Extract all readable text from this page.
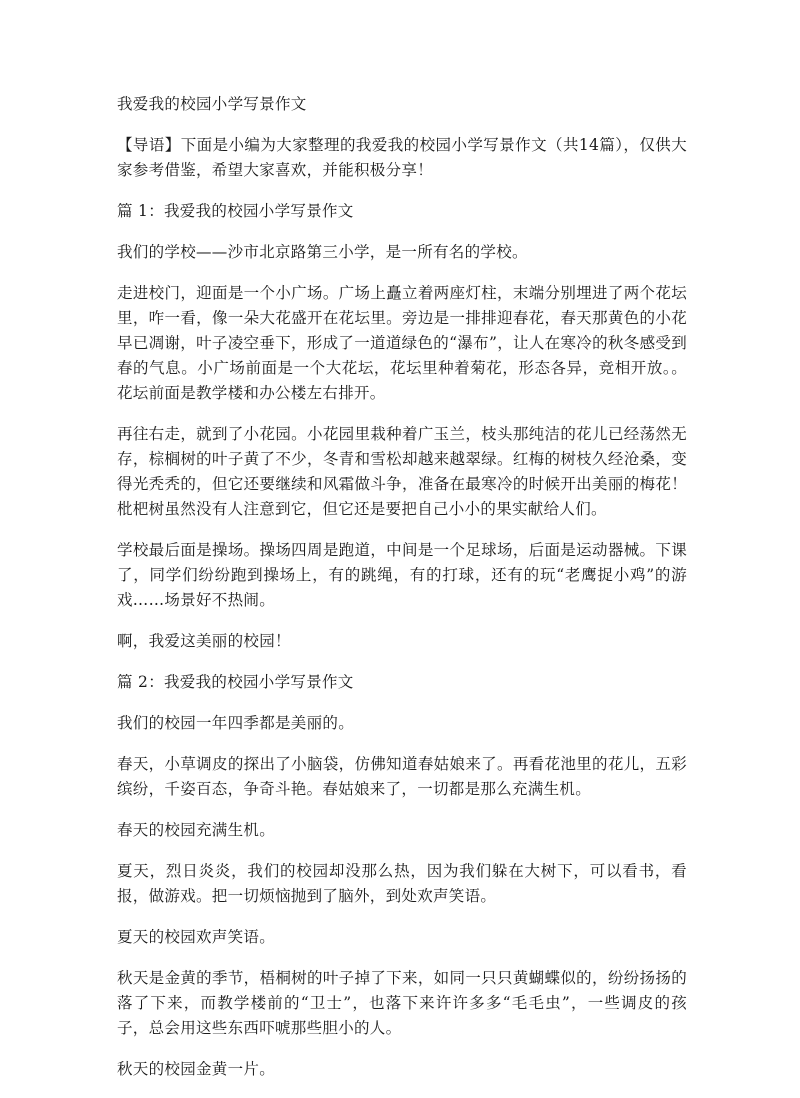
我爱我的校园小学写景作文

【导语】下面是小编为大家整理的我爱我的校园小学写景作文（共14篇），仅供大家参考借鉴，希望大家喜欢，并能积极分享！

篇 1：我爱我的校园小学写景作文

我们的学校——沙市北京路第三小学，是一所有名的学校。

走进校门，迎面是一个小广场。广场上矗立着两座灯柱，末端分别埋进了两个花坛里，咋一看，像一朵大花盛开在花坛里。旁边是一排排迎春花，春天那黄色的小花早已凋谢，叶子凌空垂下，形成了一道道绿色的“瀑布”，让人在寒冷的秋冬感受到春的气息。小广场前面是一个大花坛，花坛里种着菊花，形态各异，竞相开放。。花坛前面是教学楼和办公楼左右排开。

再往右走，就到了小花园。小花园里栽种着广玉兰，枝头那纯洁的花儿已经荡然无存，棕榈树的叶子黄了不少，冬青和雪松却越来越翠绿。红梅的树枝久经沧桑，变得光秃秃的，但它还要继续和风霜做斗争，准备在最寒冷的时候开出美丽的梅花！枇杷树虽然没有人注意到它，但它还是要把自己小小的果实献给人们。

学校最后面是操场。操场四周是跑道，中间是一个足球场，后面是运动器械。下课了，同学们纷纷跑到操场上，有的跳绳，有的打球，还有的玩“老鹰捉小鸡”的游戏……场景好不热闹。

啊，我爱这美丽的校园！

篇 2：我爱我的校园小学写景作文

我们的校园一年四季都是美丽的。

春天，小草调皮的探出了小脑袋，仿佛知道春姑娘来了。再看花池里的花儿，五彩缤纷，千姿百态，争奇斗艳。春姑娘来了，一切都是那么充满生机。

春天的校园充满生机。

夏天，烈日炎炎，我们的校园却没那么热，因为我们躲在大树下，可以看书，看报，做游戏。把一切烦恼抛到了脑外，到处欢声笑语。

夏天的校园欢声笑语。

秋天是金黄的季节，梧桐树的叶子掉了下来，如同一只只黄蝴蝶似的，纷纷扬扬的落了下来，而教学楼前的“卫士”，也落下来许许多多“毛毛虫”，一些调皮的孩子，总会用这些东西吓唬那些胆小的人。

秋天的校园金黄一片。
